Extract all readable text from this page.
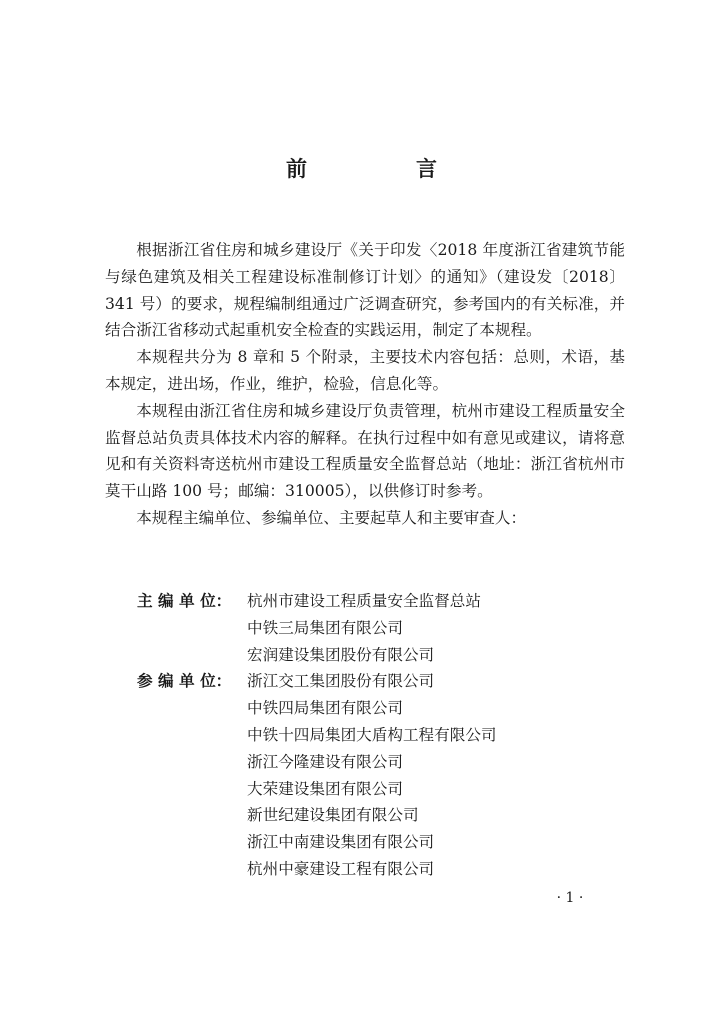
前　言

根据浙江省住房和城乡建设厅《关于印发〈2018 年度浙江省建筑节能与绿色建筑及相关工程建设标准制修订计划〉的通知》（建设发〔2018〕341 号）的要求，规程编制组通过广泛调查研究，参考国内的有关标准，并结合浙江省移动式起重机安全检查的实践运用，制定了本规程。

本规程共分为 8 章和 5 个附录，主要技术内容包括：总则，术语，基本规定，进出场，作业，维护，检验，信息化等。

本规程由浙江省住房和城乡建设厅负责管理，杭州市建设工程质量安全监督总站负责具体技术内容的解释。在执行过程中如有意见或建议，请将意见和有关资料寄送杭州市建设工程质量安全监督总站（地址：浙江省杭州市莫干山路 100 号；邮编：310005），以供修订时参考。

本规程主编单位、参编单位、主要起草人和主要审查人：

主 编 单 位：	杭州市建设工程质量安全监督总站
中铁三局集团有限公司
宏润建设集团股份有限公司
参 编 单 位：	浙江交工集团股份有限公司
中铁四局集团有限公司
中铁十四局集团大盾构工程有限公司
浙江今隆建设有限公司
大荣建设集团有限公司
新世纪建设集团有限公司
浙江中南建设集团有限公司
杭州中豪建设工程有限公司
· 1 ·
